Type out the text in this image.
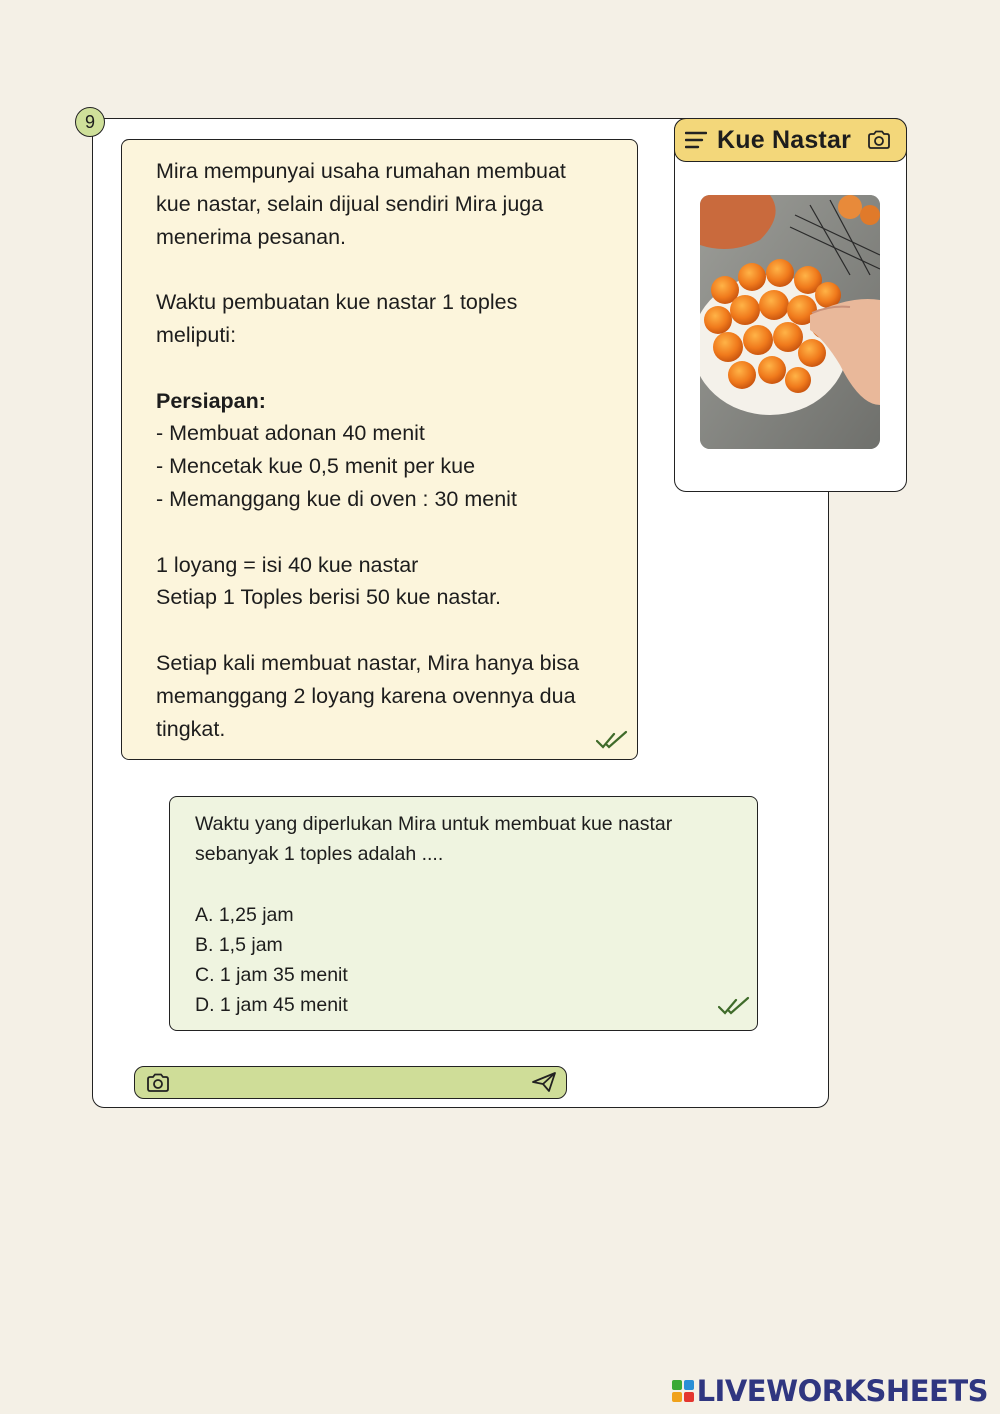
9

Mira mempunyai usaha rumahan membuat

kue nastar, selain dijual sendiri Mira juga

menerima pesanan.

Waktu pembuatan kue nastar 1 toples

meliputi:

Persiapan:

- Membuat adonan 40 menit

- Mencetak kue 0,5 menit per kue

- Memanggang kue di oven : 30 menit

1 loyang = isi 40 kue nastar

Setiap 1 Toples berisi 50 kue nastar.

Setiap kali membuat nastar, Mira hanya bisa

memanggang 2 loyang karena ovennya dua

tingkat.

Kue Nastar

Waktu yang diperlukan Mira untuk membuat kue nastar

sebanyak 1 toples adalah ....

A. 1,25 jam

B. 1,5 jam

C. 1 jam 35 menit

D. 1 jam 45 menit

LIVEWORKSHEETS
